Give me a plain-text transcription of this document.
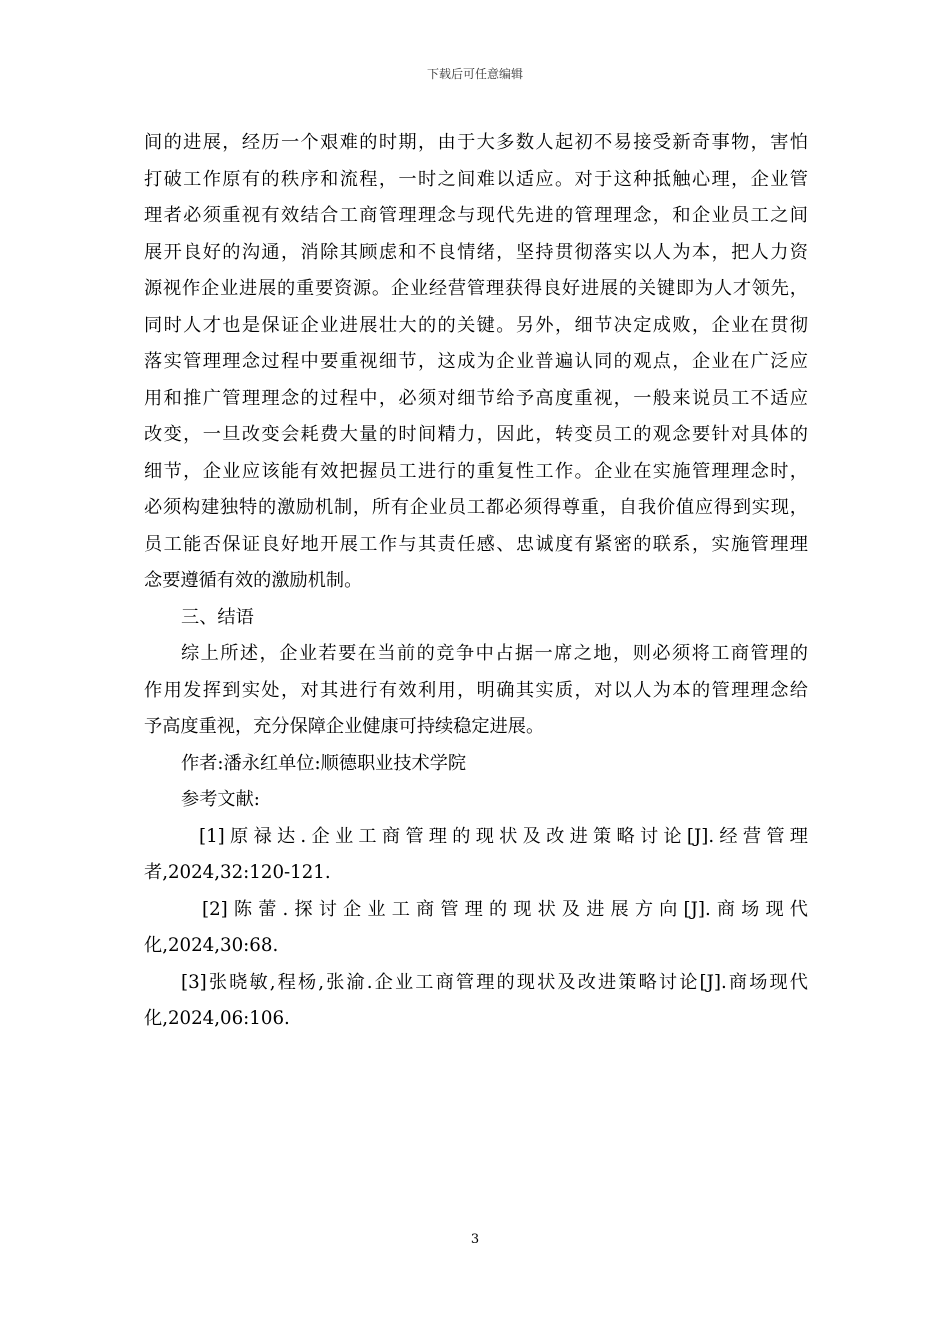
下载后可任意编辑
间的进展，经历一个艰难的时期，由于大多数人起初不易接受新奇事物，害怕
打破工作原有的秩序和流程，一时之间难以适应。对于这种抵触心理，企业管
理者必须重视有效结合工商管理理念与现代先进的管理理念，和企业员工之间
展开良好的沟通，消除其顾虑和不良情绪，坚持贯彻落实以人为本，把人力资
源视作企业进展的重要资源。企业经营管理获得良好进展的关键即为人才领先，
同时人才也是保证企业进展壮大的的关键。另外，细节决定成败，企业在贯彻
落实管理理念过程中要重视细节，这成为企业普遍认同的观点，企业在广泛应
用和推广管理理念的过程中，必须对细节给予高度重视，一般来说员工不适应
改变，一旦改变会耗费大量的时间精力，因此，转变员工的观念要针对具体的
细节，企业应该能有效把握员工进行的重复性工作。企业在实施管理理念时，
必须构建独特的激励机制，所有企业员工都必须得尊重，自我价值应得到实现，
员工能否保证良好地开展工作与其责任感、忠诚度有紧密的联系，实施管理理
念要遵循有效的激励机制。
三、结语
综上所述，企业若要在当前的竞争中占据一席之地，则必须将工商管理的
作用发挥到实处，对其进行有效利用，明确其实质，对以人为本的管理理念给
予高度重视，充分保障企业健康可持续稳定进展。
作者:潘永红单位:顺德职业技术学院
参考文献:
[1]原禄达.企业工商管理的现状及改进策略讨论[J].经营管理
者,2024,32:120-121.
[2]陈蕾.探讨企业工商管理的现状及进展方向[J].商场现代
化,2024,30:68.
[3]张晓敏,程杨,张渝.企业工商管理的现状及改进策略讨论[J].商场现代
化,2024,06:106.
3
